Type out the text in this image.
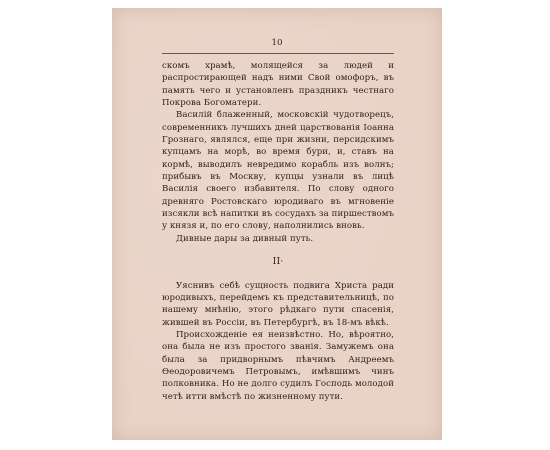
10

скомъ храмѣ, молящейся за людей и распростирающей надъ ними Свой омофоръ, въ память чего и установленъ праздникъ честнаго Покрова Богоматери.

Василій блаженный, московскій чудотворецъ, современникъ лучшихъ дней царствованія Іоанна Грознаго, являлся, еще при жизни, персидскимъ купцамъ на морѣ, во время бури, и, ставъ на кормѣ, выводилъ невредимо корабль изъ волнъ; прибывъ въ Москву, купцы узнали въ лицѣ Василія своего избавителя. По слову одного древняго Ростовскаго юродиваго въ мгновеніе изсякли всѣ напитки въ сосудахъ за пиршествомъ у князя и, по его слову, наполнились вновь.

Дивные дары за дивный путь.

II·

Уяснивъ себѣ сущность подвига Христа ради юродивыхъ, перейдемъ къ представительницѣ, по нашему мнѣнію, этого рѣдкаго пути спасенія, жившей въ Россіи, въ Петербургѣ, въ 18-мъ вѣкѣ.

Происхожденіе ея неизвѣстно. Но, вѣроятно, она была не изъ простого званія. Замужемъ она была за придворнымъ пѣвчимъ Андреемъ Ѳеодоровичемъ Петровымъ, имѣвшимъ чинъ полковника. Но не долго судилъ Господь молодой четѣ итти вмѣстѣ по жизненному пути.
